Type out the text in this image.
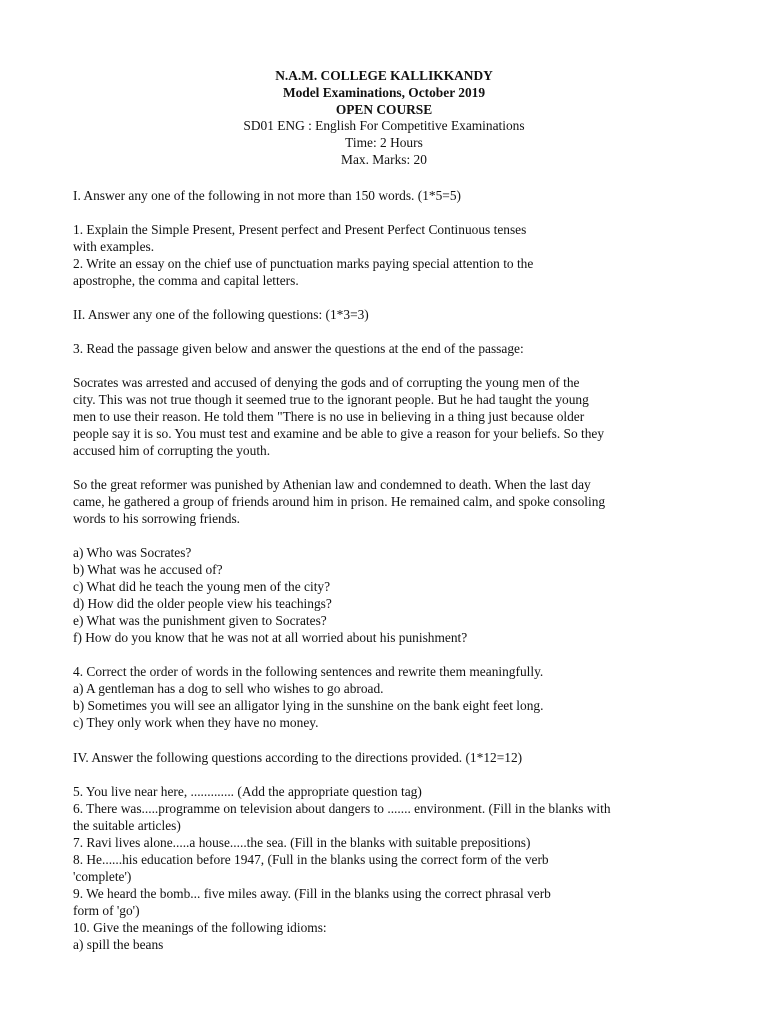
N.A.M. COLLEGE KALLIKKANDY
Model Examinations, October 2019
OPEN COURSE
SD01 ENG : English For Competitive Examinations
Time: 2 Hours
Max. Marks: 20
I. Answer any one of the following in not more than 150 words. (1*5=5)
1. Explain the Simple Present, Present perfect and Present Perfect Continuous tenses
with examples.
2. Write an essay on the chief use of punctuation marks paying special attention to the
apostrophe, the comma and capital letters.
II. Answer any one of the following questions: (1*3=3)
3. Read the passage given below and answer the questions at the end of the passage:
Socrates was arrested and accused of denying the gods and of corrupting the young men of the
city. This was not true though it seemed true to the ignorant people. But he had taught the young
men to use their reason. He told them "There is no use in believing in a thing just because older
people say it is so. You must test and examine and be able to give a reason for your beliefs. So they
accused him of corrupting the youth.
So the great reformer was punished by Athenian law and condemned to death. When the last day
came, he gathered a group of friends around him in prison. He remained calm, and spoke consoling
words to his sorrowing friends.
a) Who was Socrates?
b) What was he accused of?
c) What did he teach the young men of the city?
d) How did the older people view his teachings?
e) What was the punishment given to Socrates?
f) How do you know that he was not at all worried about his punishment?
4. Correct the order of words in the following sentences and rewrite them meaningfully.
a) A gentleman has a dog to sell who wishes to go abroad.
b) Sometimes you will see an alligator lying in the sunshine on the bank eight feet long.
c) They only work when they have no money.
IV. Answer the following questions according to the directions provided. (1*12=12)
5. You live near here, ............. (Add the appropriate question tag)
6. There was.....programme on television about dangers to ....... environment. (Fill in the blanks with
the suitable articles)
7. Ravi lives alone.....a house.....the sea. (Fill in the blanks with suitable prepositions)
8. He......his education before 1947, (Full in the blanks using the correct form of the verb
'complete')
9. We heard the bomb... five miles away. (Fill in the blanks using the correct phrasal verb
form of 'go')
10. Give the meanings of the following idioms:
a) spill the beans
